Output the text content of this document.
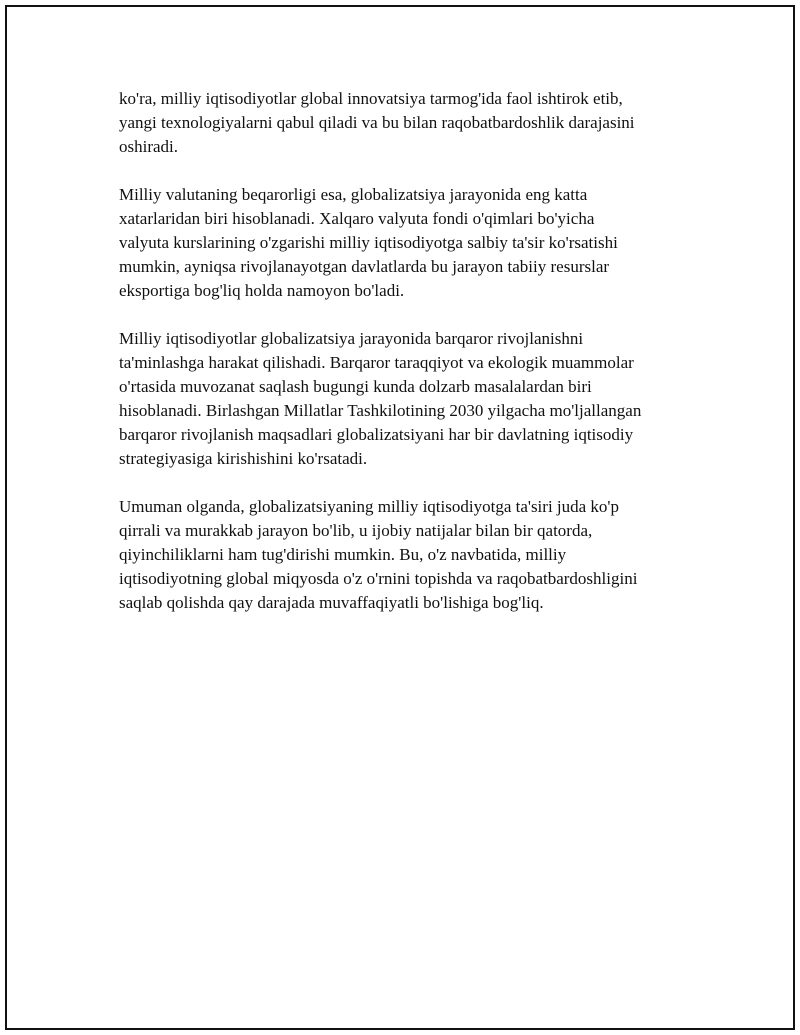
ko'ra, milliy iqtisodiyotlar global innovatsiya tarmog'ida faol ishtirok etib,
yangi texnologiyalarni qabul qiladi va bu bilan raqobatbardoshlik darajasini
oshiradi.

Milliy valutaning beqarorligi esa, globalizatsiya jarayonida eng katta
xatarlaridan biri hisoblanadi. Xalqaro valyuta fondi o'qimlari bo'yicha
valyuta kurslarining o'zgarishi milliy iqtisodiyotga salbiy ta'sir ko'rsatishi
mumkin, ayniqsa rivojlanayotgan davlatlarda bu jarayon tabiiy resurslar
eksportiga bog'liq holda namoyon bo'ladi.

Milliy iqtisodiyotlar globalizatsiya jarayonida barqaror rivojlanishni
ta'minlashga harakat qilishadi. Barqaror taraqqiyot va ekologik muammolar
o'rtasida muvozanat saqlash bugungi kunda dolzarb masalalardan biri
hisoblanadi. Birlashgan Millatlar Tashkilotining 2030 yilgacha mo'ljallangan
barqaror rivojlanish maqsadlari globalizatsiyani har bir davlatning iqtisodiy
strategiyasiga kirishishini ko'rsatadi.

Umuman olganda, globalizatsiyaning milliy iqtisodiyotga ta'siri juda ko'p
qirrali va murakkab jarayon bo'lib, u ijobiy natijalar bilan bir qatorda,
qiyinchiliklarni ham tug'dirishi mumkin. Bu, o'z navbatida, milliy
iqtisodiyotning global miqyosda o'z o'rnini topishda va raqobatbardoshligini
saqlab qolishda qay darajada muvaffaqiyatli bo'lishiga bog'liq.
